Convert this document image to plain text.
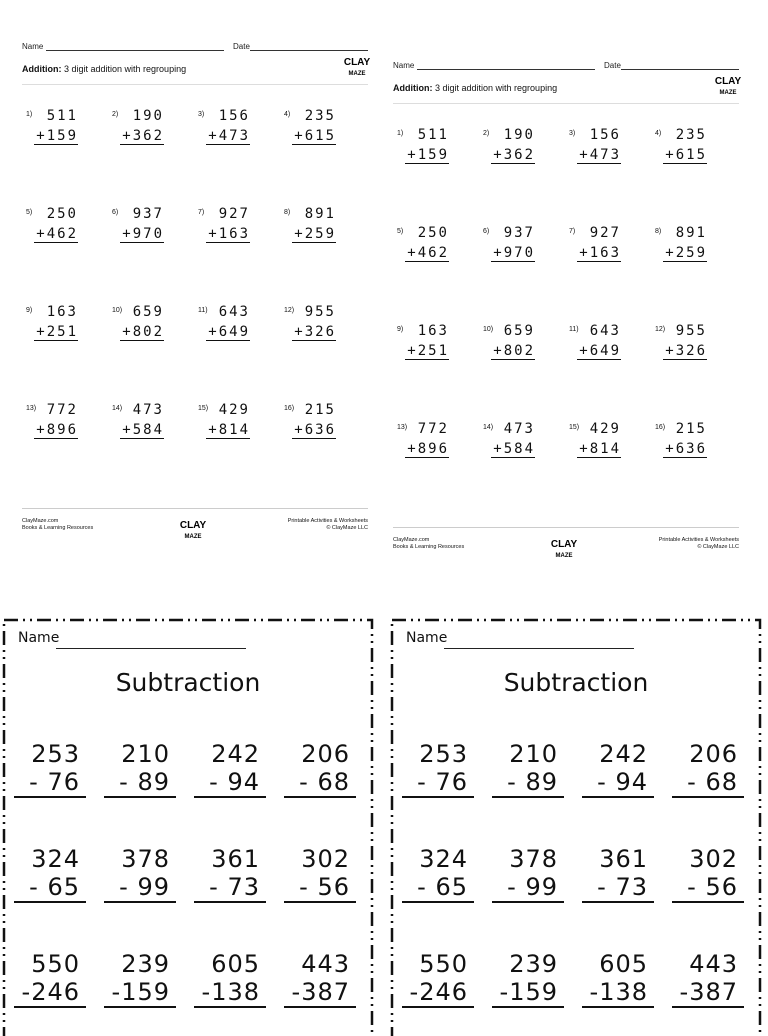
Name	Date
Addition: 3 digit addition with regrouping
CLAY
MAZE
1) 511
+159
2) 190
+362
3) 156
+473
4) 235
+615
5) 250
+462
6) 937
+970
7) 927
+163
8) 891
+259
9) 163
+251
10) 659
+802
11) 643
+649
12) 955
+326
13) 772
+896
14) 473
+584
15) 429
+814
16) 215
+636
ClayMaze.com
Books & Learning Resources	CLAY
MAZE
Printable Activities & Worksheets
© ClayMaze LLC
Name	Date
Addition: 3 digit addition with regrouping
CLAY
MAZE
1) 511
+159
2) 190
+362
3) 156
+473
4) 235
+615
5) 250
+462
6) 937
+970
7) 927
+163
8) 891
+259
9) 163
+251
10) 659
+802
11) 643
+649
12) 955
+326
13) 772
+896
14) 473
+584
15) 429
+814
16) 215
+636
ClayMaze.com
Books & Learning Resources	CLAY
MAZE
Printable Activities & Worksheets
© ClayMaze LLC
Name
Subtraction
253
- 76
210
- 89
242
- 94
206
- 68
324
- 65
378
- 99
361
- 73
302
- 56
550
-246
239
-159
605
-138
443
-387
Name
Subtraction
253
- 76
210
- 89
242
- 94
206
- 68
324
- 65
378
- 99
361
- 73
302
- 56
550
-246
239
-159
605
-138
443
-387
